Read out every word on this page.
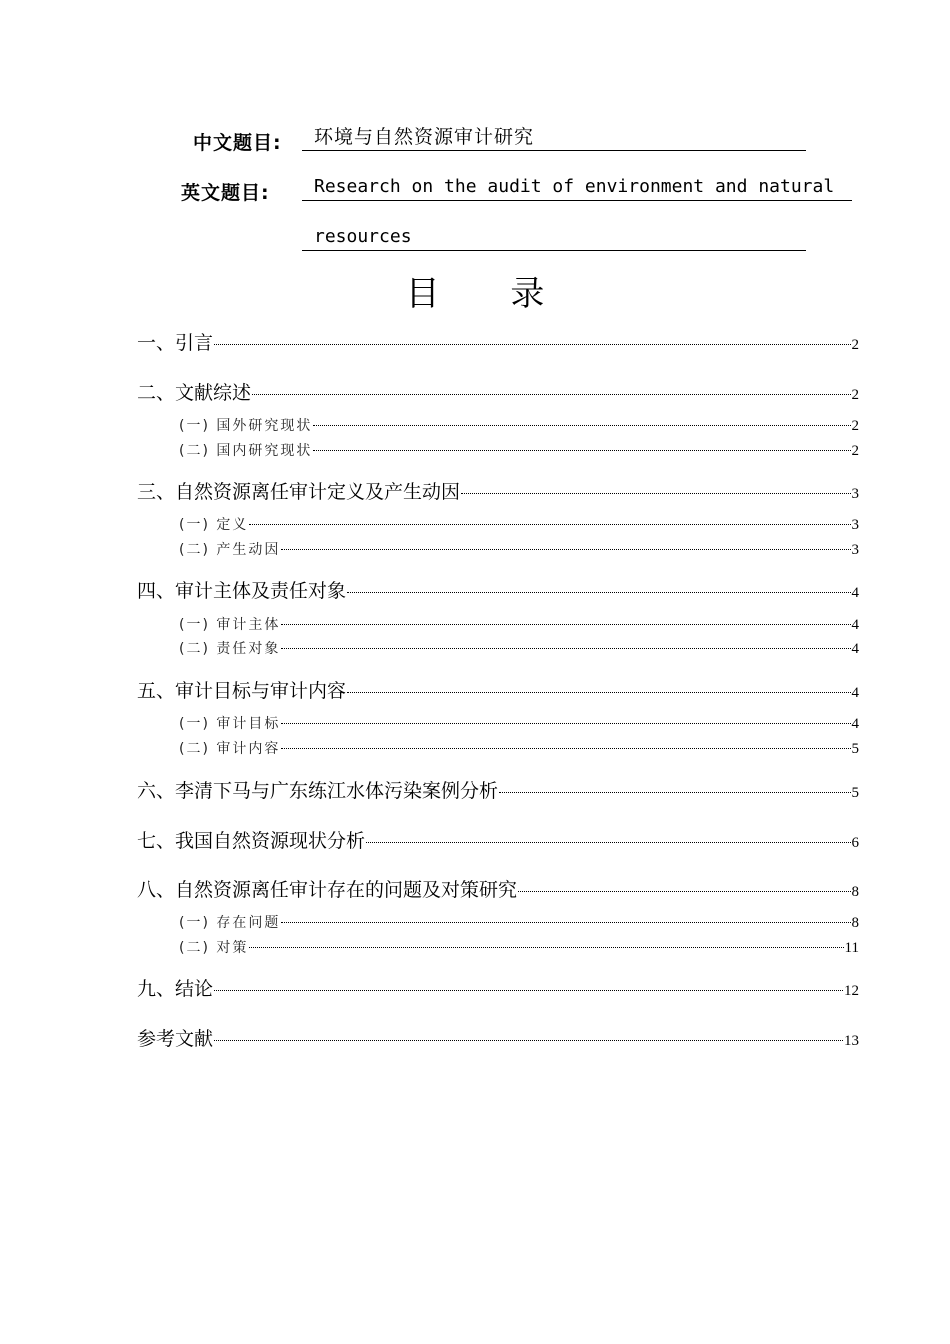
中文题目:	环境与自然资源审计研究
英文题目:	Research on the audit of environment and natural
resources
目 录
一、引言	2
二、文献综述	2
(一) 国外研究现状	2
(二) 国内研究现状	2
三、自然资源离任审计定义及产生动因	3
(一) 定义	3
(二) 产生动因	3
四、审计主体及责任对象	4
(一) 审计主体	4
(二) 责任对象	4
五、审计目标与审计内容	4
(一) 审计目标	4
(二) 审计内容	5
六、李清下马与广东练江水体污染案例分析	5
七、我国自然资源现状分析	6
八、自然资源离任审计存在的问题及对策研究	8
(一) 存在问题	8
(二) 对策	11
九、结论	12
参考文献	13
